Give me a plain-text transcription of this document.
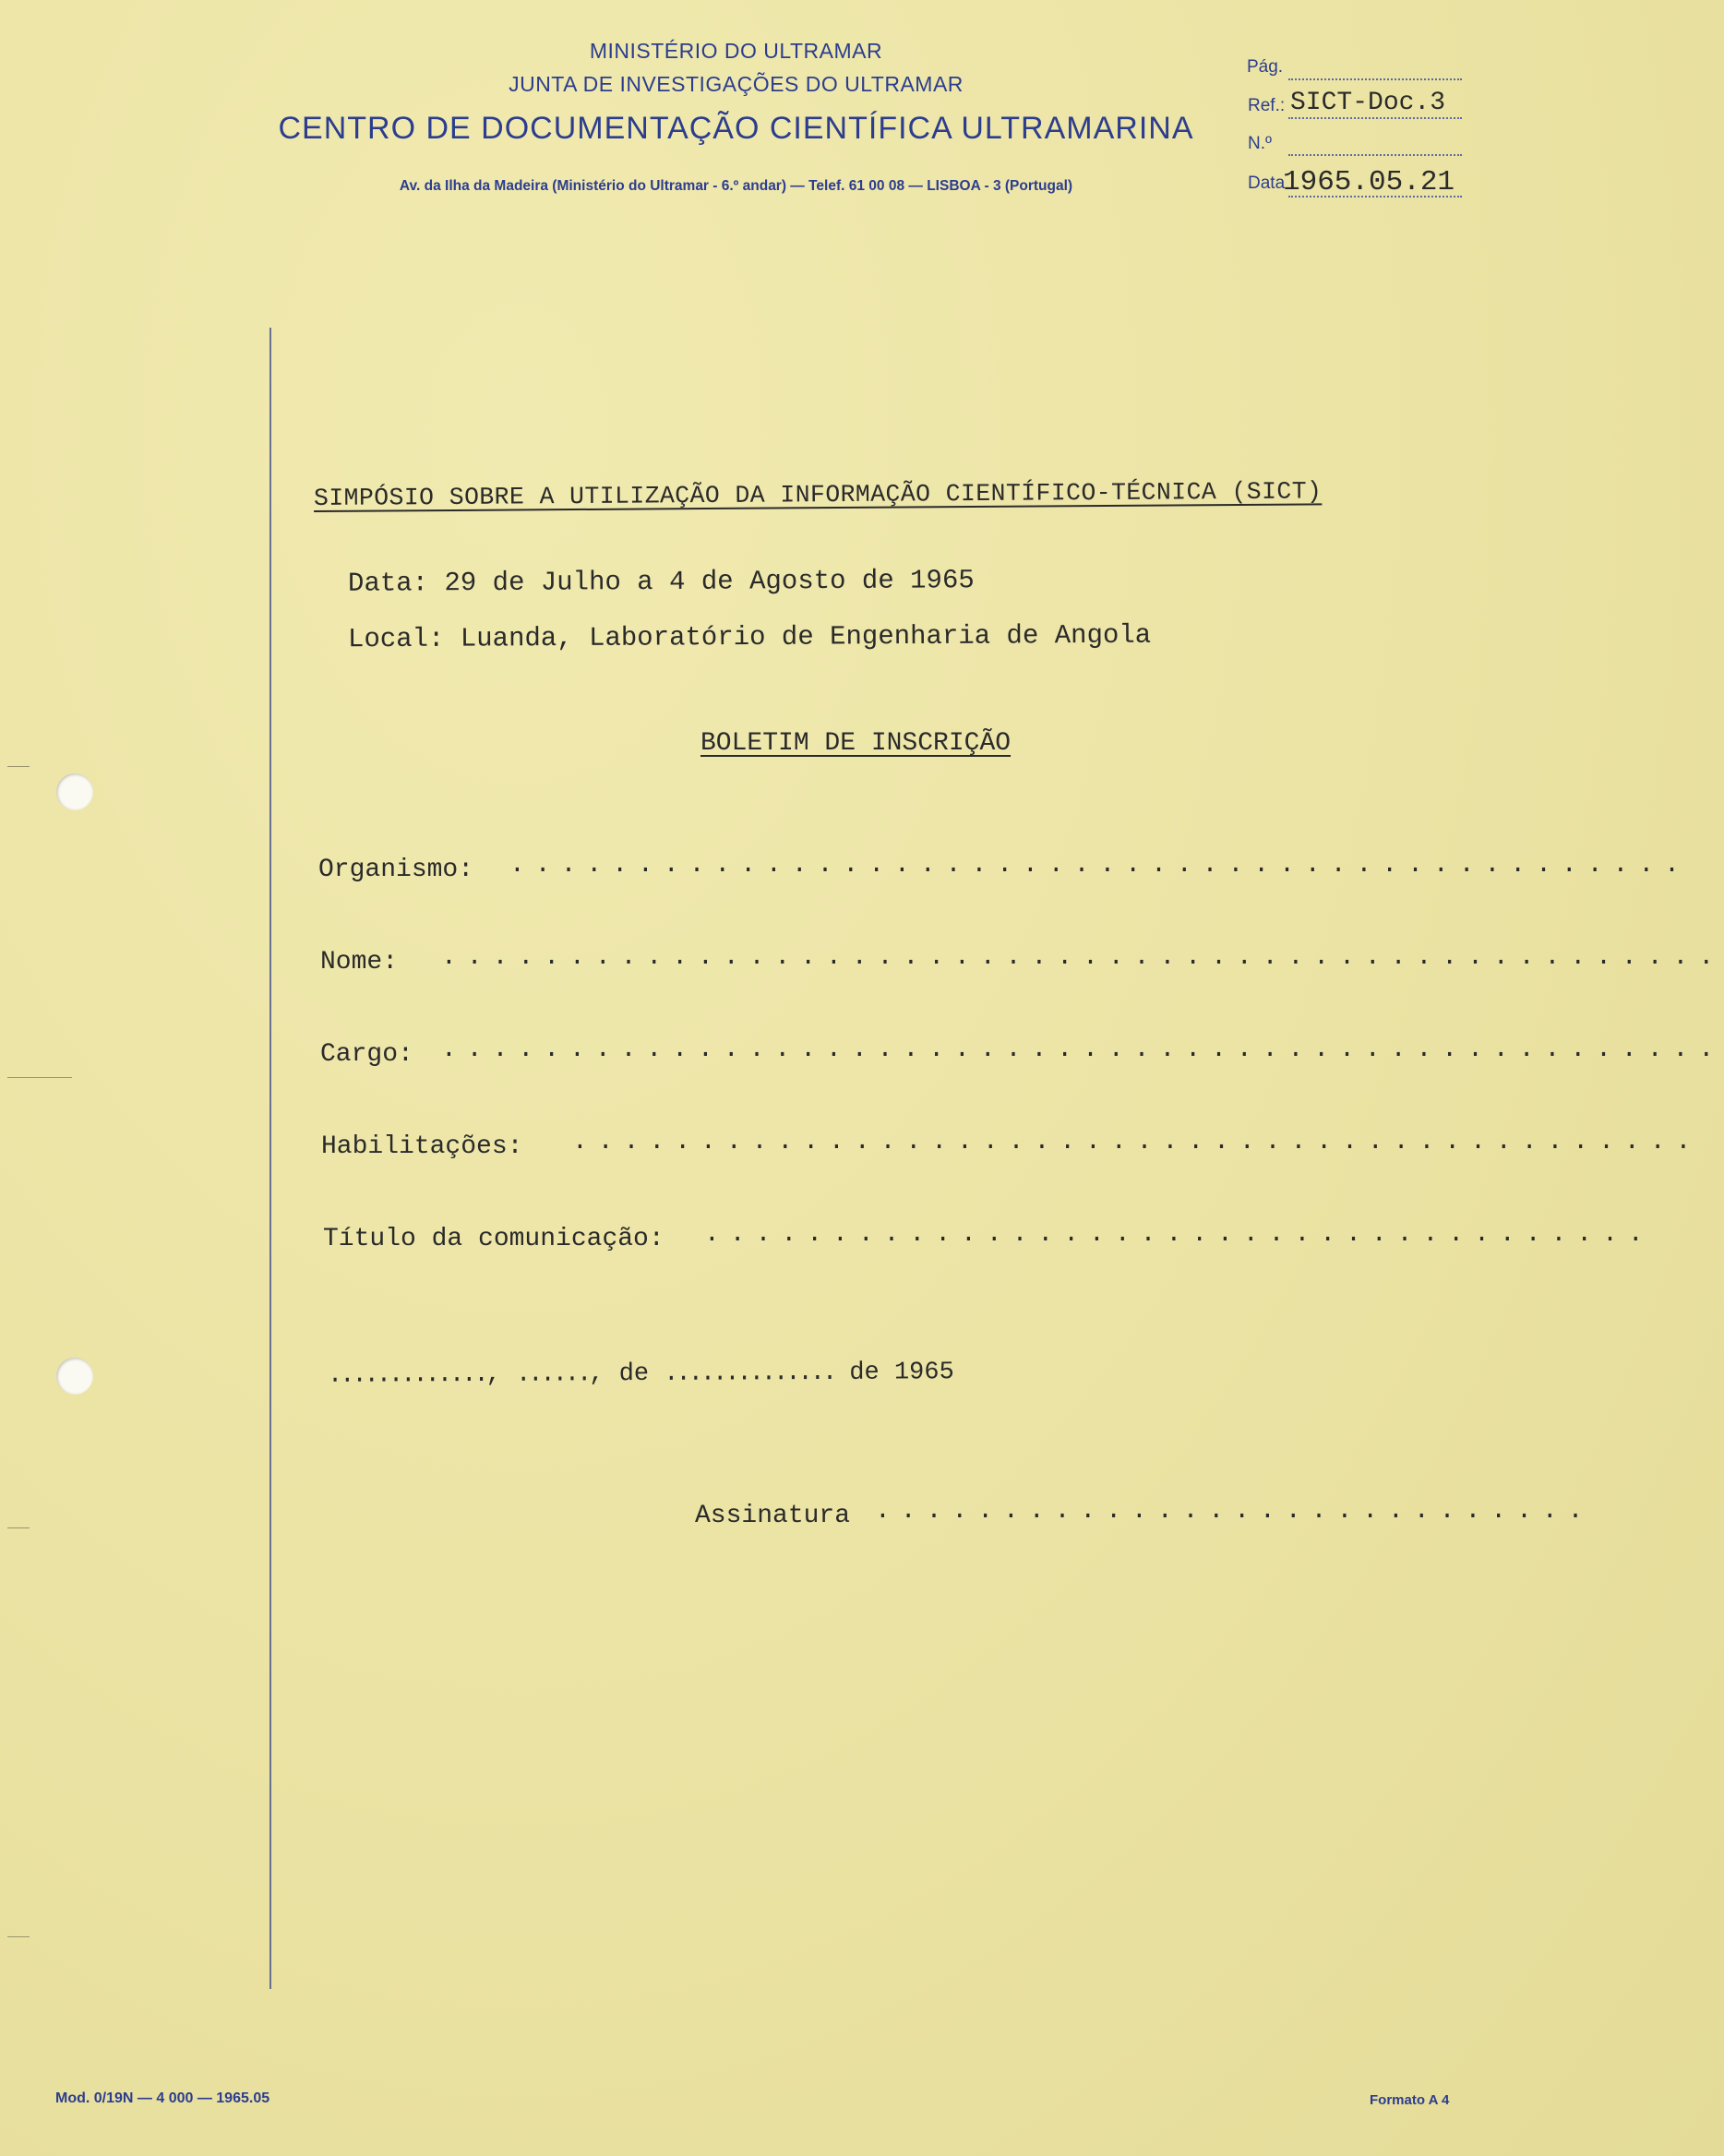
MINISTÉRIO DO ULTRAMAR
JUNTA DE INVESTIGAÇÕES DO ULTRAMAR
CENTRO DE DOCUMENTAÇÃO CIENTÍFICA ULTRAMARINA
Av. da Ilha da Madeira (Ministério do Ultramar - 6.º andar) — Telef. 61 00 08 — LISBOA - 3 (Portugal)
Pág.
Ref.: SICT-Doc.3
N.º
Data
1965.05.21
SIMPÓSIO SOBRE A UTILIZAÇÃO DA INFORMAÇÃO CIENTÍFICO-TÉCNICA (SICT)
Data: 29 de Julho a 4 de Agosto de 1965
Local: Luanda, Laboratório de Engenharia de Angola
BOLETIM DE INSCRIÇÃO
Organismo: ..............................................
Nome: ..................................................
Cargo: ..................................................
Habilitações: ............................................
Título da comunicação: .....................................
............., ......, de .............. de 1965
Assinatura ............................
Mod. 0/19N — 4 000 — 1965.05	Formato A 4
